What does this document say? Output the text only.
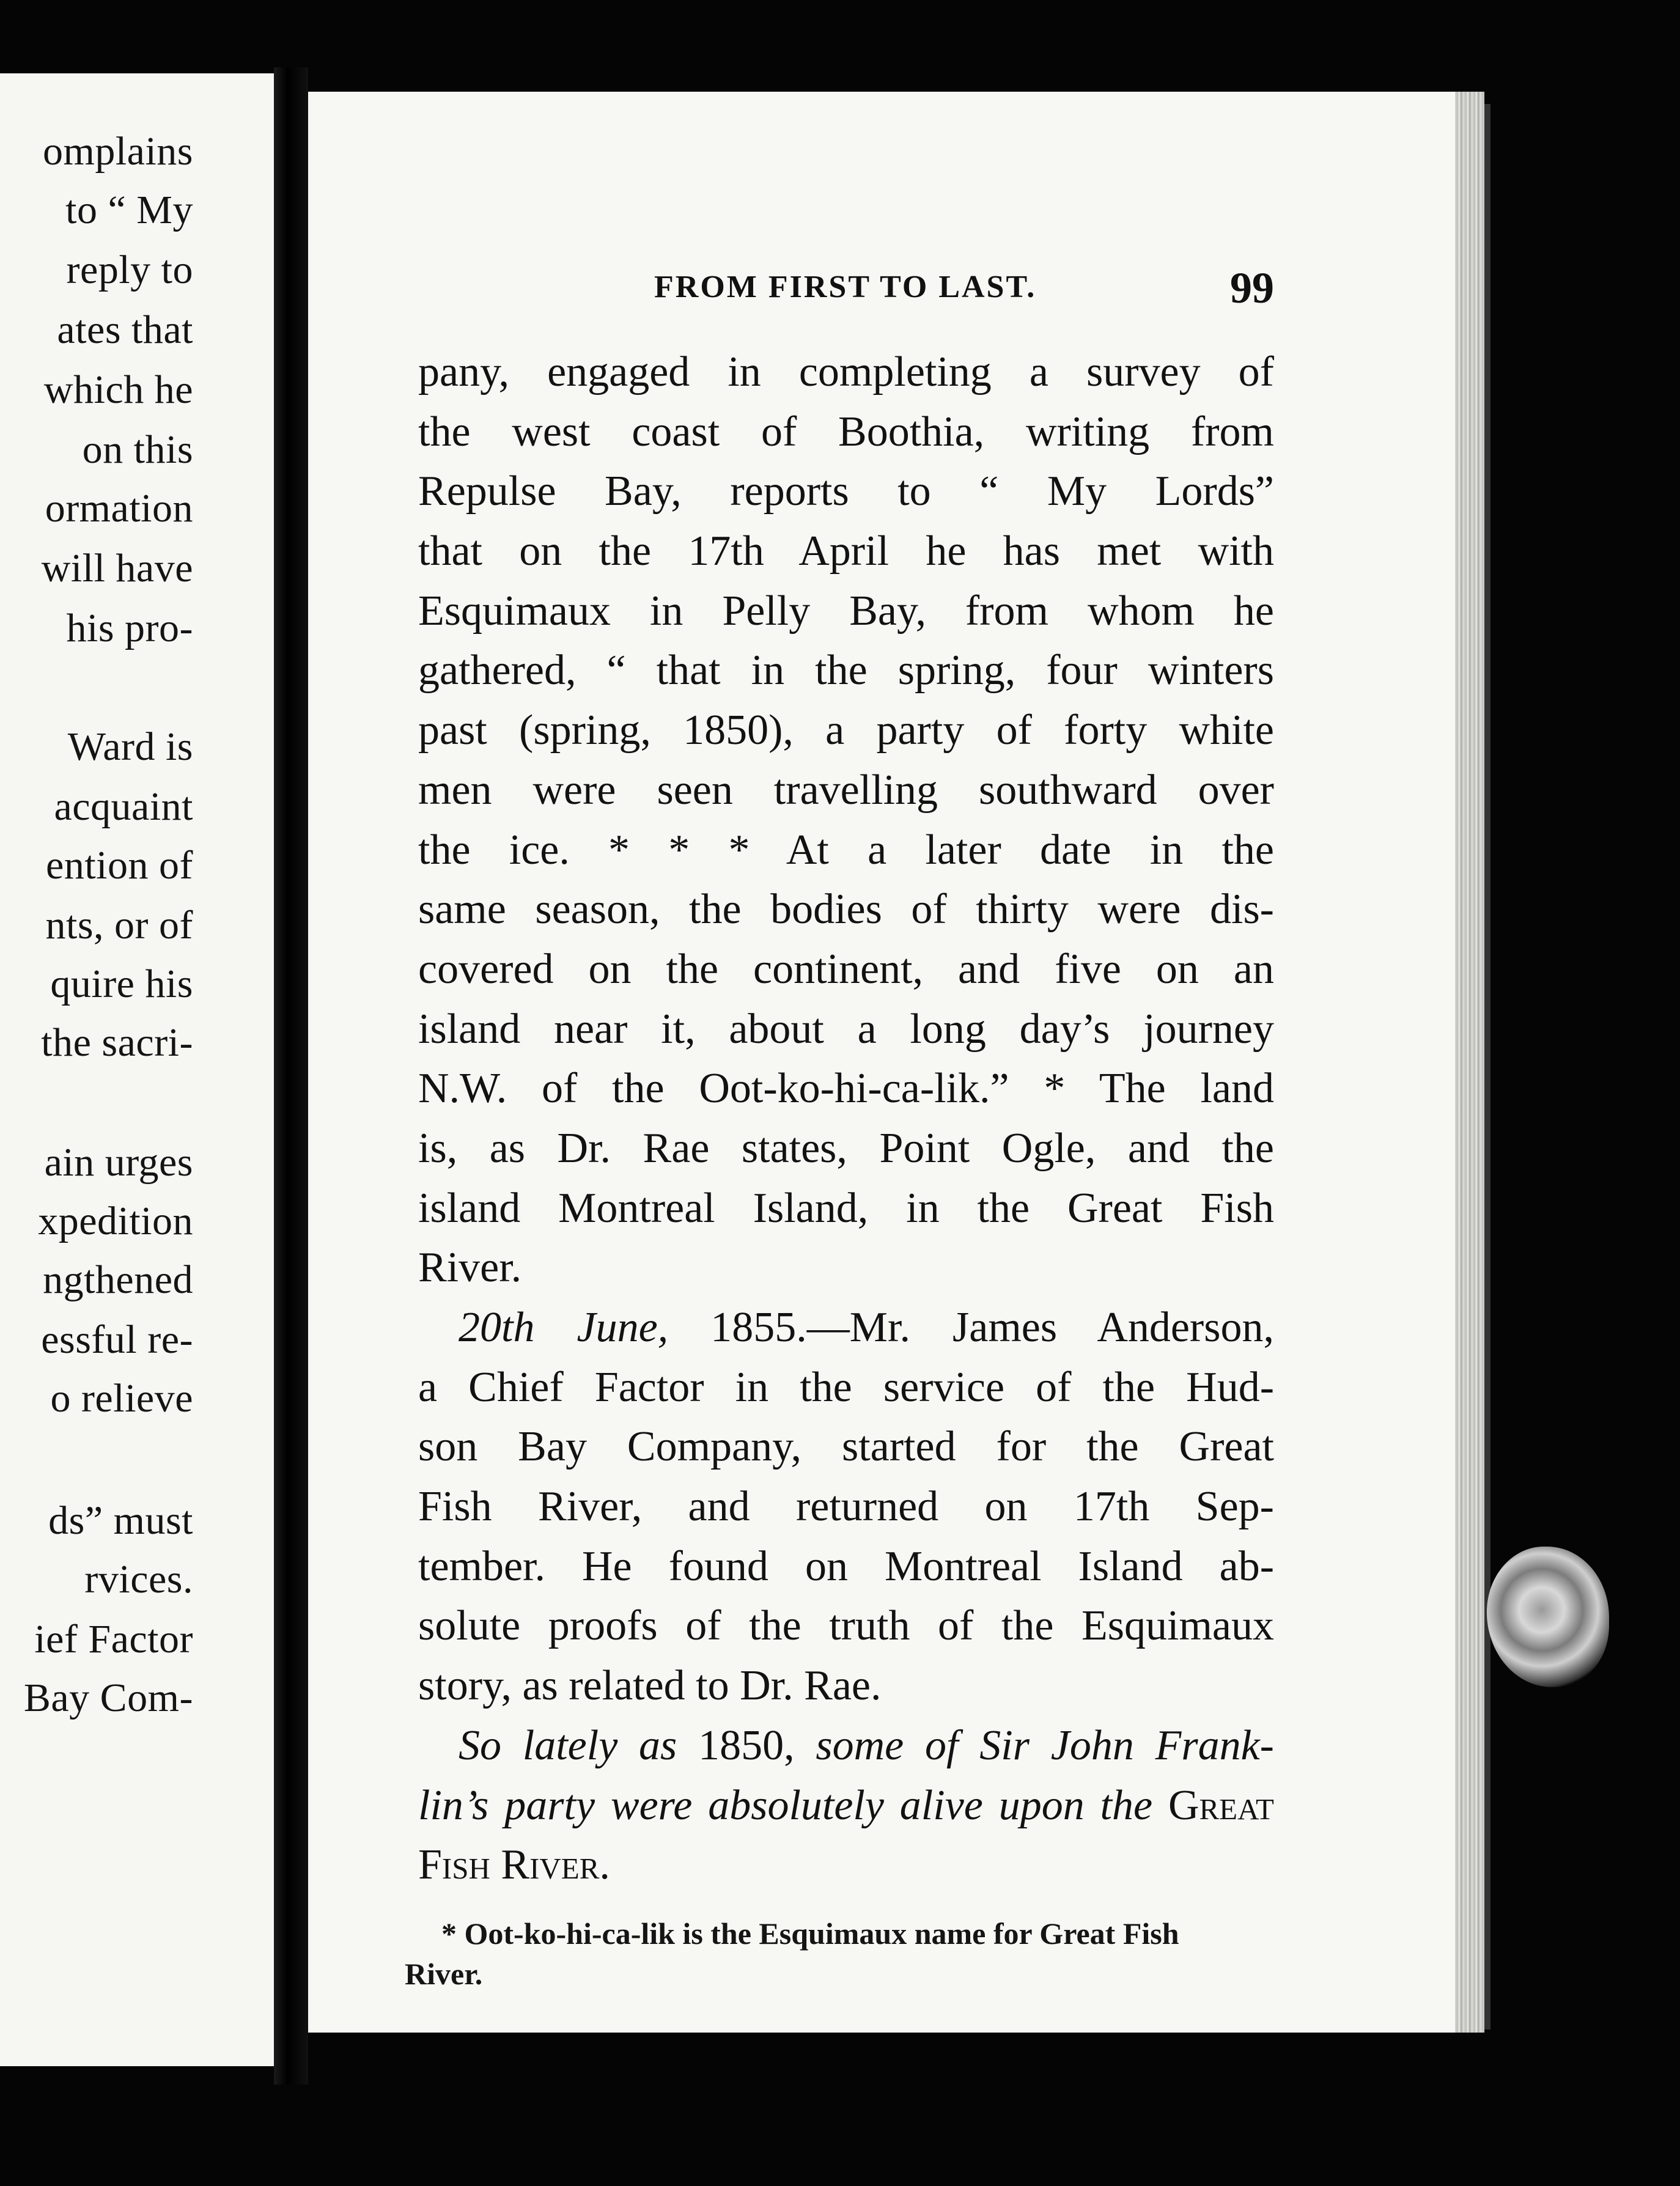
omplains
to “ My
reply to
ates that
which he
on this
ormation
will have
his pro-
Ward is
acquaint
ention of
nts, or of
quire his
the sacri-
ain urges
xpedition
ngthened
essful re-
o relieve
ds” must
rvices.
ief Factor
Bay Com-
FROM FIRST TO LAST.	99
pany, engaged in completing a survey of
the west coast of Boothia, writing from
Repulse Bay, reports to “ My Lords”
that on the 17th April he has met with
Esquimaux in Pelly Bay, from whom he
gathered, “ that in the spring, four winters
past (spring, 1850), a party of forty white
men were seen travelling southward over
the ice. * * * At a later date in the
same season, the bodies of thirty were dis-
covered on the continent, and five on an
island near it, about a long day’s journey
N.W. of the Oot-ko-hi-ca-lik.” * The land
is, as Dr. Rae states, Point Ogle, and the
island Montreal Island, in the Great Fish
River.
20th June, 1855.—Mr. James Anderson,
a Chief Factor in the service of the Hud-
son Bay Company, started for the Great
Fish River, and returned on 17th Sep-
tember. He found on Montreal Island ab-
solute proofs of the truth of the Esquimaux
story, as related to Dr. Rae.
So lately as 1850, some of Sir John Frank-
lin’s party were absolutely alive upon the Great
Fish River.
* Oot-ko-hi-ca-lik is the Esquimaux name for Great Fish
River.
